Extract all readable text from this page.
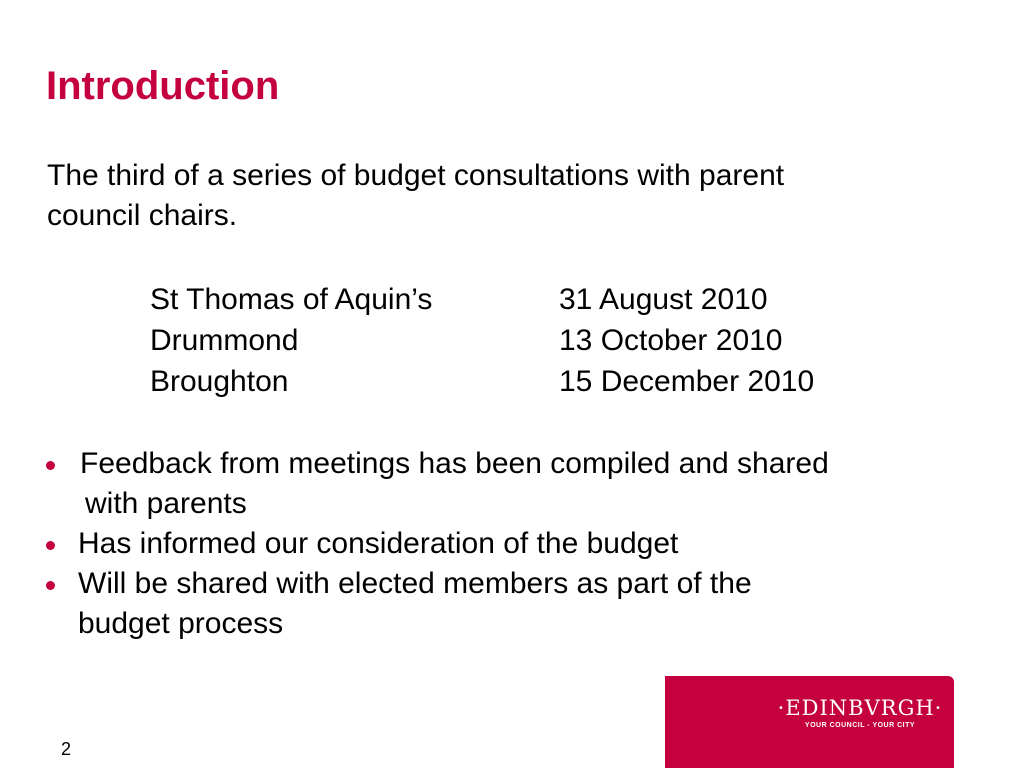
Introduction

The third of a series of budget consultations with parent
council chairs.

St Thomas of Aquin’s	31 August 2010
Drummond	13 October 2010
Broughton	15 December 2010
Feedback from meetings has been compiled and shared
with parents
Has informed our consideration of the budget
Will be shared with elected members as part of the
budget process
2
·EDINBVRGH·
YOUR COUNCIL - YOUR CITY
